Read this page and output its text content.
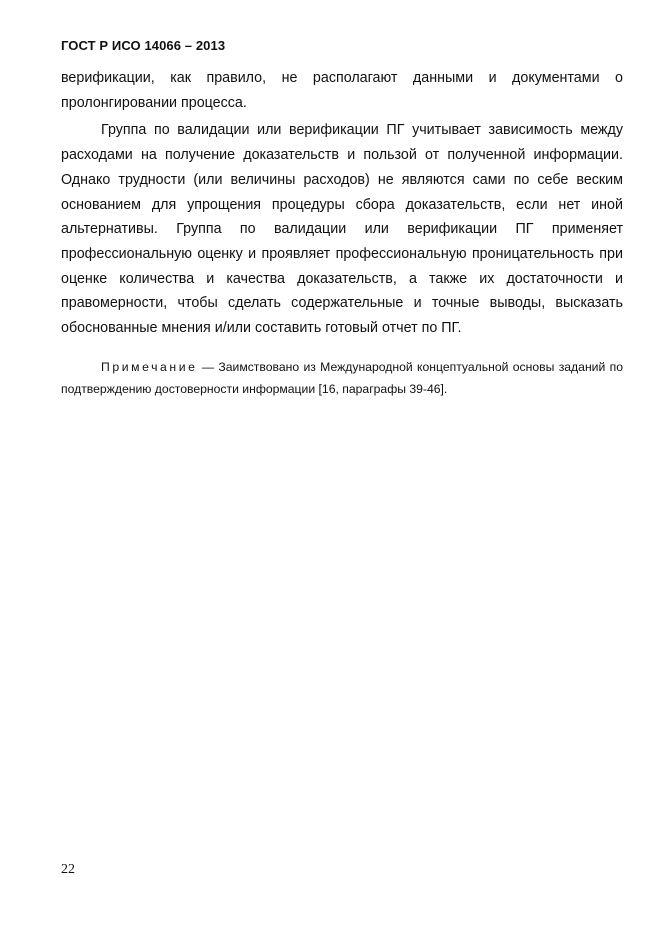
ГОСТ Р ИСО 14066 – 2013

верификации, как правило, не располагают данными и документами о пролонгировании процесса.

Группа по валидации или верификации ПГ учитывает зависимость между расходами на получение доказательств и пользой от полученной информации. Однако трудности (или величины расходов) не являются сами по себе веским основанием для упрощения процедуры сбора доказательств, если нет иной альтернативы. Группа по валидации или верификации ПГ применяет профессиональную оценку и проявляет профессиональную проницательность при оценке количества и качества доказательств, а также их достаточности и правомерности, чтобы сделать содержательные и точные выводы, высказать обоснованные мнения и/или составить готовый отчет по ПГ.

Примечание — Заимствовано из Международной концептуальной основы заданий по подтверждению достоверности информации [16, параграфы 39-46].
22
